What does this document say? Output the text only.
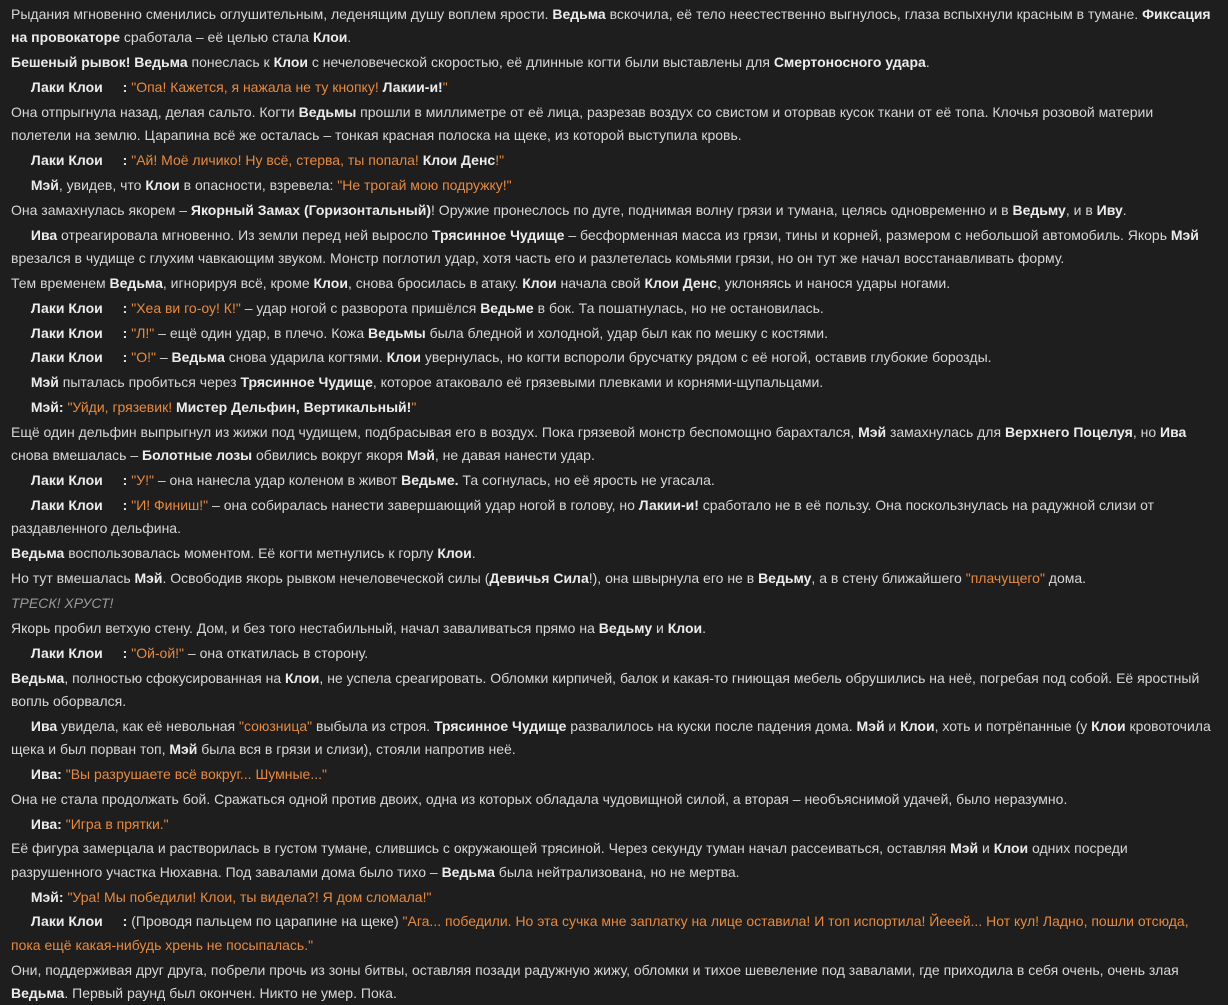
Рыдания мгновенно сменились оглушительным, леденящим душу воплем ярости. Ведьма вскочила, её тело неестественно выгнулось, глаза вспыхнули красным в тумане. Фиксация на провокаторе сработала – её целью стала Клои.
Бешеный рывок! Ведьма понеслась к Клои с нечеловеческой скоростью, её длинные когти были выставлены для Смертоносного удара.
Лаки Клои : "Опа! Кажется, я нажала не ту кнопку! Лакии-и!"
Она отпрыгнула назад, делая сальто. Когти Ведьмы прошли в миллиметре от её лица, разрезав воздух со свистом и оторвав кусок ткани от её топа. Клочья розовой материи полетели на землю. Царапина всё же осталась – тонкая красная полоска на щеке, из которой выступила кровь.
Лаки Клои : "Ай! Моё личико! Ну всё, стерва, ты попала! Клои Денс!"
Мэй, увидев, что Клои в опасности, взревела: "Не трогай мою подружку!"
Она замахнулась якорем – Якорный Замах (Горизонтальный)! Оружие пронеслось по дуге, поднимая волну грязи и тумана, целясь одновременно и в Ведьму, и в Иву.
Ива отреагировала мгновенно. Из земли перед ней выросло Трясинное Чудище – бесформенная масса из грязи, тины и корней, размером с небольшой автомобиль. Якорь Мэй врезался в чудище с глухим чавкающим звуком. Монстр поглотил удар, хотя часть его и разлетелась комьями грязи, но он тут же начал восстанавливать форму.
Тем временем Ведьма, игнорируя всё, кроме Клои, снова бросилась в атаку. Клои начала свой Клои Денс, уклоняясь и нанося удары ногами.
Лаки Клои : "Хеа ви го-оу! К!" – удар ногой с разворота пришёлся Ведьме в бок. Та пошатнулась, но не остановилась.
Лаки Клои : "Л!" – ещё один удар, в плечо. Кожа Ведьмы была бледной и холодной, удар был как по мешку с костями.
Лаки Клои : "О!" – Ведьма снова ударила когтями. Клои увернулась, но когти вспороли брусчатку рядом с её ногой, оставив глубокие борозды.
Мэй пыталась пробиться через Трясинное Чудище, которое атаковало её грязевыми плевками и корнями-щупальцами.
Мэй: "Уйди, грязевик! Мистер Дельфин, Вертикальный!"
Ещё один дельфин выпрыгнул из жижи под чудищем, подбрасывая его в воздух. Пока грязевой монстр беспомощно барахтался, Мэй замахнулась для Верхнего Поцелуя, но Ива снова вмешалась – Болотные лозы обвились вокруг якоря Мэй, не давая нанести удар.
Лаки Клои : "У!" – она нанесла удар коленом в живот Ведьме. Та согнулась, но её ярость не угасала.
Лаки Клои : "И! Финиш!" – она собиралась нанести завершающий удар ногой в голову, но Лакии-и! сработало не в её пользу. Она поскользнулась на радужной слизи от раздавленного дельфина.
Ведьма воспользовалась моментом. Её когти метнулись к горлу Клои.
Но тут вмешалась Мэй. Освободив якорь рывком нечеловеческой силы (Девичья Сила!), она швырнула его не в Ведьму, а в стену ближайшего "плачущего" дома.
ТРЕСК! ХРУСТ!
Якорь пробил ветхую стену. Дом, и без того нестабильный, начал заваливаться прямо на Ведьму и Клои.
Лаки Клои : "Ой-ой!" – она откатилась в сторону.
Ведьма, полностью сфокусированная на Клои, не успела среагировать. Обломки кирпичей, балок и какая-то гниющая мебель обрушились на неё, погребая под собой. Её яростный вопль оборвался.
Ива увидела, как её невольная "союзница" выбыла из строя. Трясинное Чудище развалилось на куски после падения дома. Мэй и Клои, хоть и потрёпанные (у Клои кровоточила щека и был порван топ, Мэй была вся в грязи и слизи), стояли напротив неё.
Ива: "Вы разрушаете всё вокруг... Шумные..."
Она не стала продолжать бой. Сражаться одной против двоих, одна из которых обладала чудовищной силой, а вторая – необъяснимой удачей, было неразумно.
Ива: "Игра в прятки."
Её фигура замерцала и растворилась в густом тумане, слившись с окружающей трясиной. Через секунду туман начал рассеиваться, оставляя Мэй и Клои одних посреди разрушенного участка Нюхавна. Под завалами дома было тихо – Ведьма была нейтрализована, но не мертва.
Мэй: "Ура! Мы победили! Клои, ты видела?! Я дом сломала!"
Лаки Клои : (Проводя пальцем по царапине на щеке) "Ага... победили. Но эта сучка мне заплатку на лице оставила! И топ испортила! Йееей... Нот кул! Ладно, пошли отсюда, пока ещё какая-нибудь хрень не посыпалась."
Они, поддерживая друг друга, побрели прочь из зоны битвы, оставляя позади радужную жижу, обломки и тихое шевеление под завалами, где приходила в себя очень, очень злая Ведьма. Первый раунд был окончен. Никто не умер. Пока.
